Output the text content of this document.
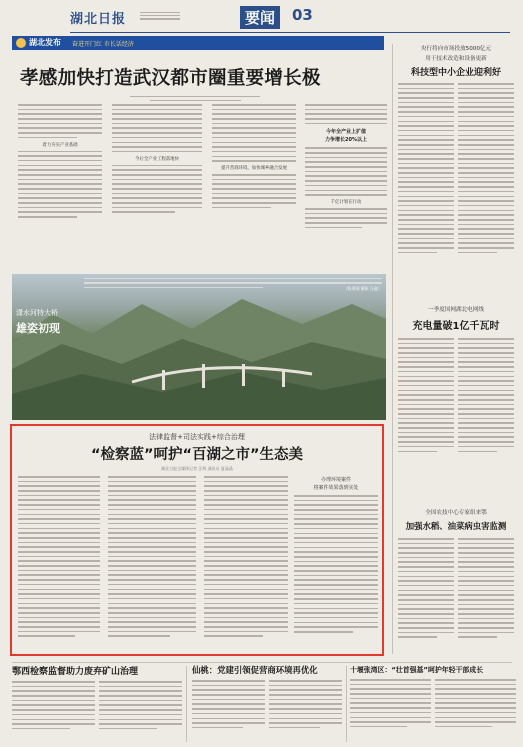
湖北日报	要闻	03
湖北发布 奋进开门红 市长话经济
孝感加快打造武汉都市圈重要增长极
着力夯实产业基础
今后全产业工程落地快
提升营商环境，加快城乡融合发展
今年全产业上扩值
力争增长20%以上
千亿计划在行动
潇水河特大桥
雄姿初现
（陈勇刚 摄影 汪鑫）
央行将向市场投放5000亿元
用于技术改造和设备更新
科技型中小企业迎利好
一季度国网湖北电网线
充电量破1亿千瓦时
全国农技中心专家组来鄂
加强水稻、油菜病虫害监测
法律监督+司法实践+综合治理
“检察蓝”呵护“百湖之市”生态美
湖北日报全媒体记者 汪辉 通讯员 夏晶晶
办理环境案件
将案件效果落到实处
鄂西检察监督助力废弃矿山治理	仙桃：党建引领促营商环境再优化	十堰张湾区：“壮首强基”呵护年轻干部成长
